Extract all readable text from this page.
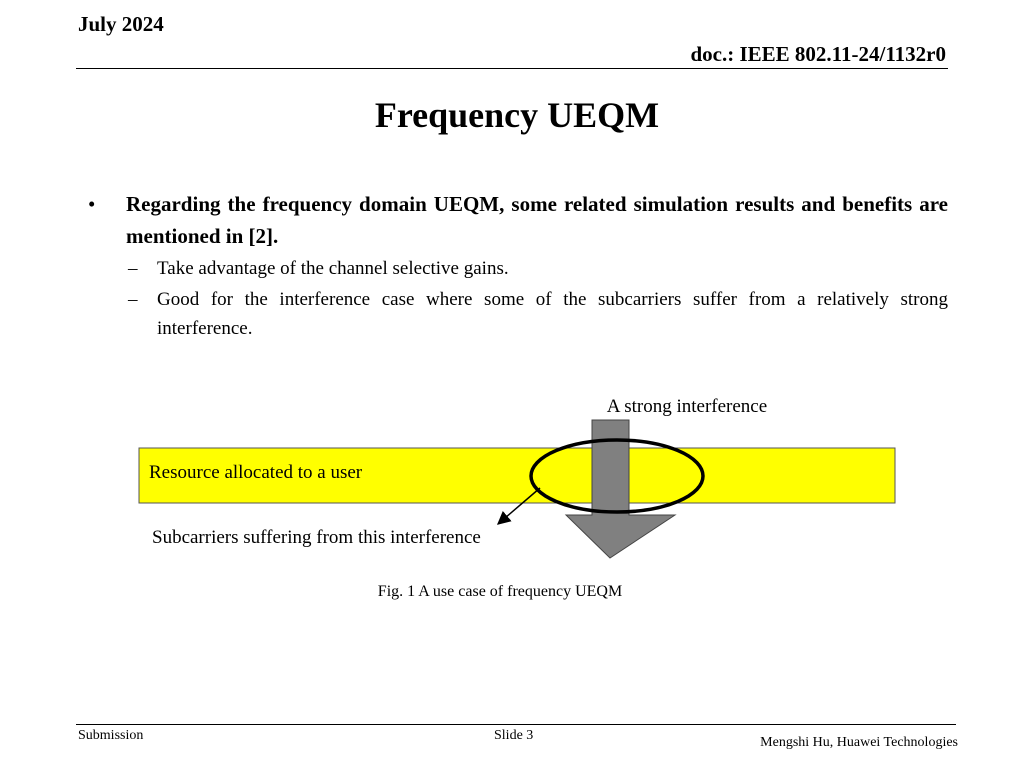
July 2024
doc.: IEEE 802.11-24/1132r0
Frequency UEQM
• Regarding the frequency domain UEQM, some related simulation results and benefits are mentioned in [2].
– Take advantage of the channel selective gains.
– Good for the interference case where some of the subcarriers suffer from a relatively strong interference.
A strong interference
Resource allocated to a user
Subcarriers suffering from this interference
Fig. 1 A use case of frequency UEQM
Submission	Slide 3	Mengshi Hu, Huawei Technologies
